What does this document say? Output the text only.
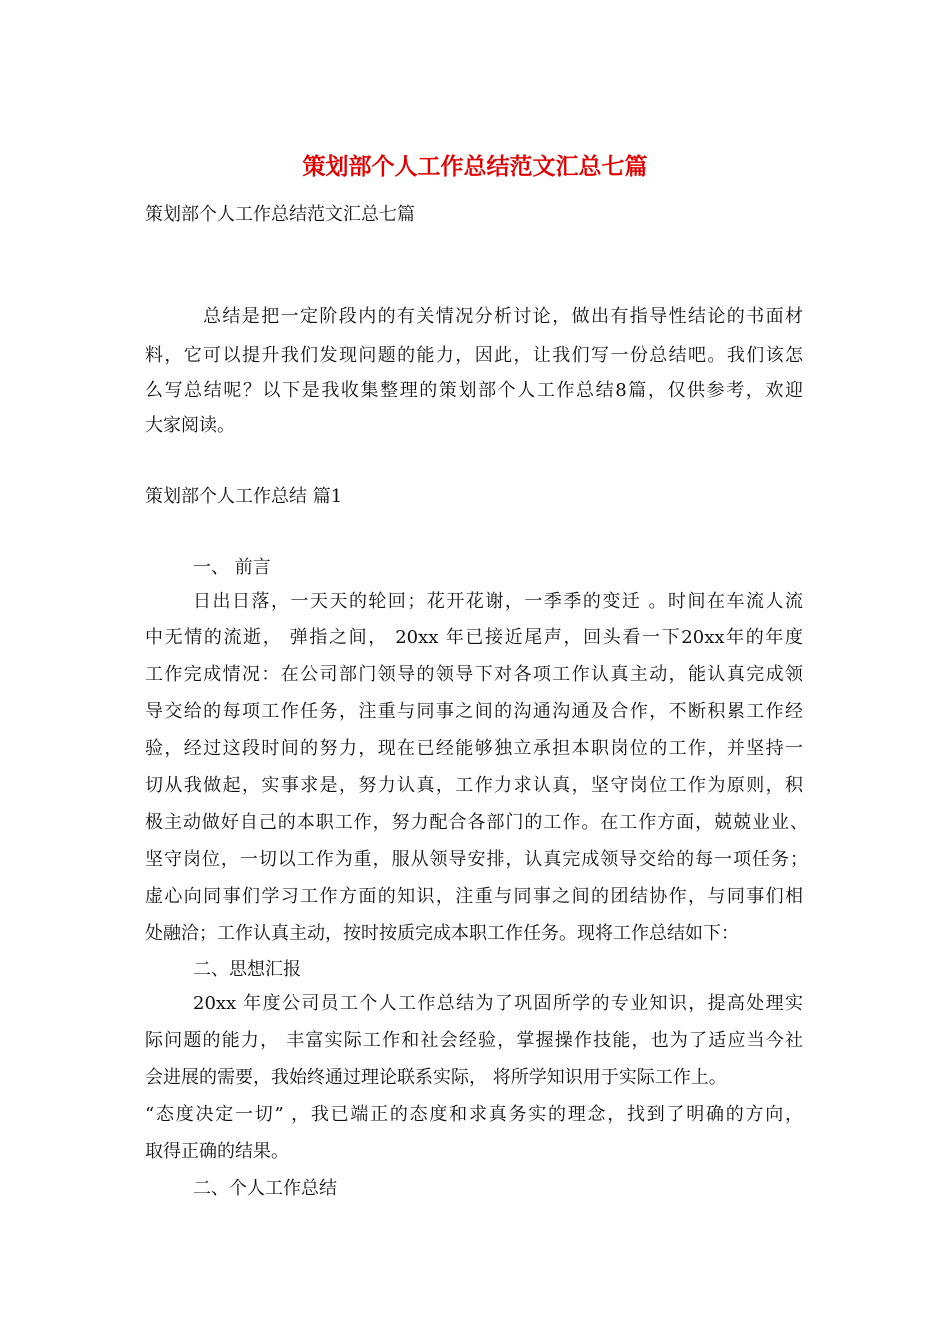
策划部个人工作总结范文汇总七篇
策划部个人工作总结范文汇总七篇
总结是把一定阶段内的有关情况分析讨论，做出有指导性结论的书面材
料，它可以提升我们发现问题的能力，因此，让我们写一份总结吧。我们该怎
么写总结呢？以下是我收集整理的策划部个人工作总结8篇，仅供参考，欢迎
大家阅读。
策划部个人工作总结 篇1
一、 前言
日出日落，一天天的轮回；花开花谢，一季季的变迁 。时间在车流人流
中无情的流逝， 弹指之间， 20xx 年已接近尾声，回头看一下20xx年的年度
工作完成情况：在公司部门领导的领导下对各项工作认真主动，能认真完成领
导交给的每项工作任务，注重与同事之间的沟通沟通及合作，不断积累工作经
验，经过这段时间的努力，现在已经能够独立承担本职岗位的工作，并坚持一
切从我做起，实事求是，努力认真，工作力求认真，坚守岗位工作为原则，积
极主动做好自己的本职工作，努力配合各部门的工作。在工作方面，兢兢业业、
坚守岗位，一切以工作为重，服从领导安排，认真完成领导交给的每一项任务；
虚心向同事们学习工作方面的知识，注重与同事之间的团结协作，与同事们相
处融洽；工作认真主动，按时按质完成本职工作任务。现将工作总结如下：
二、思想汇报
20xx 年度公司员工个人工作总结为了巩固所学的专业知识，提高处理实
际问题的能力， 丰富实际工作和社会经验，掌握操作技能，也为了适应当今社
会进展的需要，我始终通过理论联系实际， 将所学知识用于实际工作上。
“态度决定一切” ，我已端正的态度和求真务实的理念，找到了明确的方向，
取得正确的结果。
二、个人工作总结
